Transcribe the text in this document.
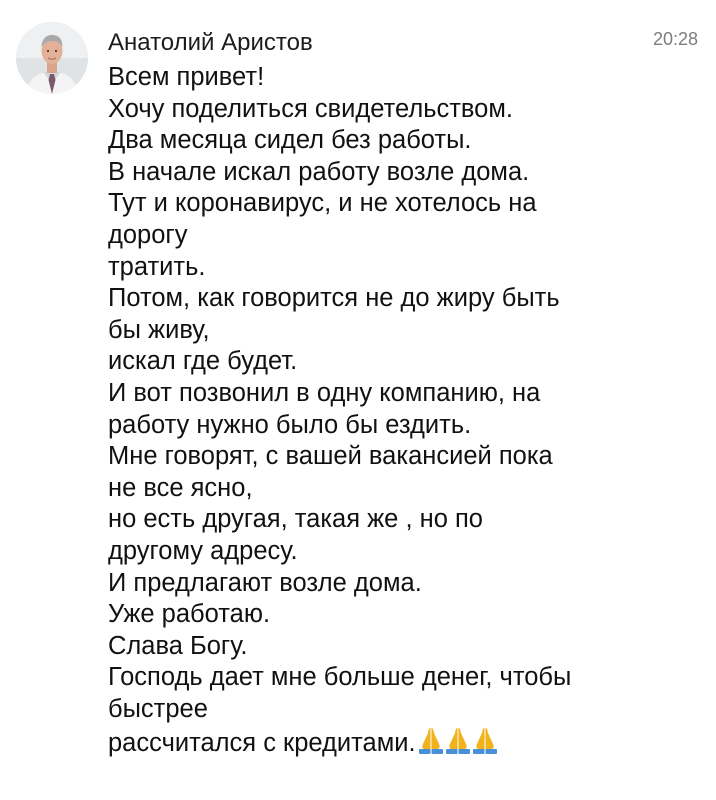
Анатолий Аристов	20:28
Всем привет!
Хочу поделиться свидетельством.
Два месяца сидел без работы.
В начале искал работу возле дома.
Тут и коронавирус, и не хотелось на
дорогу
тратить.
Потом, как говорится не до жиру быть
бы живу,
искал где будет.
И вот позвонил в одну компанию, на
работу нужно было бы ездить.
Мне говорят, с вашей вакансией пока
не все ясно,
но есть другая, такая же , но по
другому адресу.
И предлагают возле дома.
Уже работаю.
Слава Богу.
Господь дает мне больше денег, чтобы
быстрее
рассчитался с кредитами.
